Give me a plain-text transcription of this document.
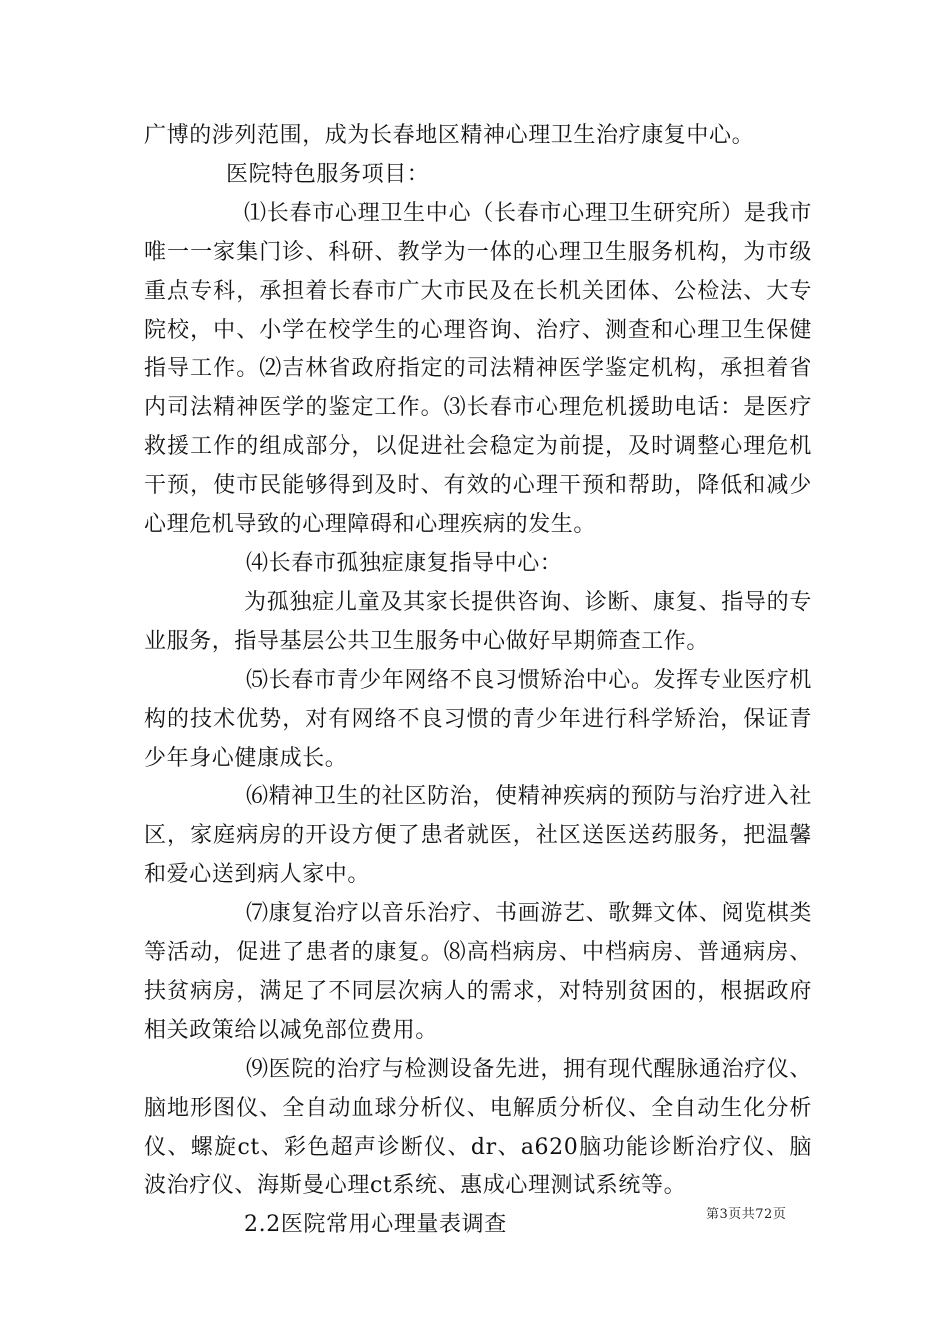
广博的涉列范围，成为长春地区精神心理卫生治疗康复中心。

医院特色服务项目：

⑴长春市心理卫生中心（长春市心理卫生研究所）是我市唯一一家集门诊、科研、教学为一体的心理卫生服务机构，为市级重点专科，承担着长春市广大市民及在长机关团体、公检法、大专院校，中、小学在校学生的心理咨询、治疗、测查和心理卫生保健指导工作。⑵吉林省政府指定的司法精神医学鉴定机构，承担着省内司法精神医学的鉴定工作。⑶长春市心理危机援助电话：是医疗救援工作的组成部分，以促进社会稳定为前提，及时调整心理危机干预，使市民能够得到及时、有效的心理干预和帮助，降低和减少心理危机导致的心理障碍和心理疾病的发生。

⑷长春市孤独症康复指导中心：

为孤独症儿童及其家长提供咨询、诊断、康复、指导的专业服务，指导基层公共卫生服务中心做好早期筛查工作。

⑸长春市青少年网络不良习惯矫治中心。发挥专业医疗机构的技术优势，对有网络不良习惯的青少年进行科学矫治，保证青少年身心健康成长。

⑹精神卫生的社区防治，使精神疾病的预防与治疗进入社区，家庭病房的开设方便了患者就医，社区送医送药服务，把温馨和爱心送到病人家中。

⑺康复治疗以音乐治疗、书画游艺、歌舞文体、阅览棋类等活动，促进了患者的康复。⑻高档病房、中档病房、普通病房、扶贫病房，满足了不同层次病人的需求，对特别贫困的，根据政府相关政策给以减免部位费用。

⑼医院的治疗与检测设备先进，拥有现代醒脉通治疗仪、脑地形图仪、全自动血球分析仪、电解质分析仪、全自动生化分析仪、螺旋ct、彩色超声诊断仪、dr、a620脑功能诊断治疗仪、脑波治疗仪、海斯曼心理ct系统、惠成心理测试系统等。

2.2医院常用心理量表调查	第3页共72页
